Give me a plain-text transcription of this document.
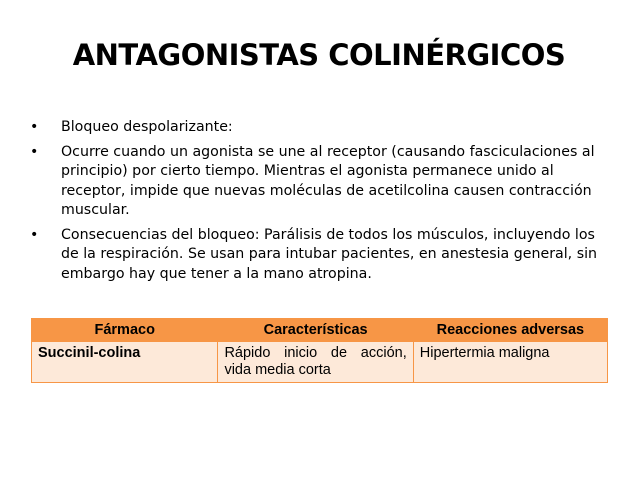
ANTAGONISTAS COLINÉRGICOS
• Bloqueo despolarizante:
• Ocurre cuando un agonista se une al receptor (causando fasciculaciones al principio) por cierto tiempo. Mientras el agonista permanece unido al receptor, impide que nuevas moléculas de acetilcolina causen contracción muscular.
• Consecuencias del bloqueo: Parálisis de todos los músculos, incluyendo los de la respiración. Se usan para intubar pacientes, en anestesia general, sin embargo hay que tener a la mano atropina.
Fármaco	Características	Reacciones adversas
Succinil-colina	Rápido inicio de acción, vida media corta	Hipertermia maligna
